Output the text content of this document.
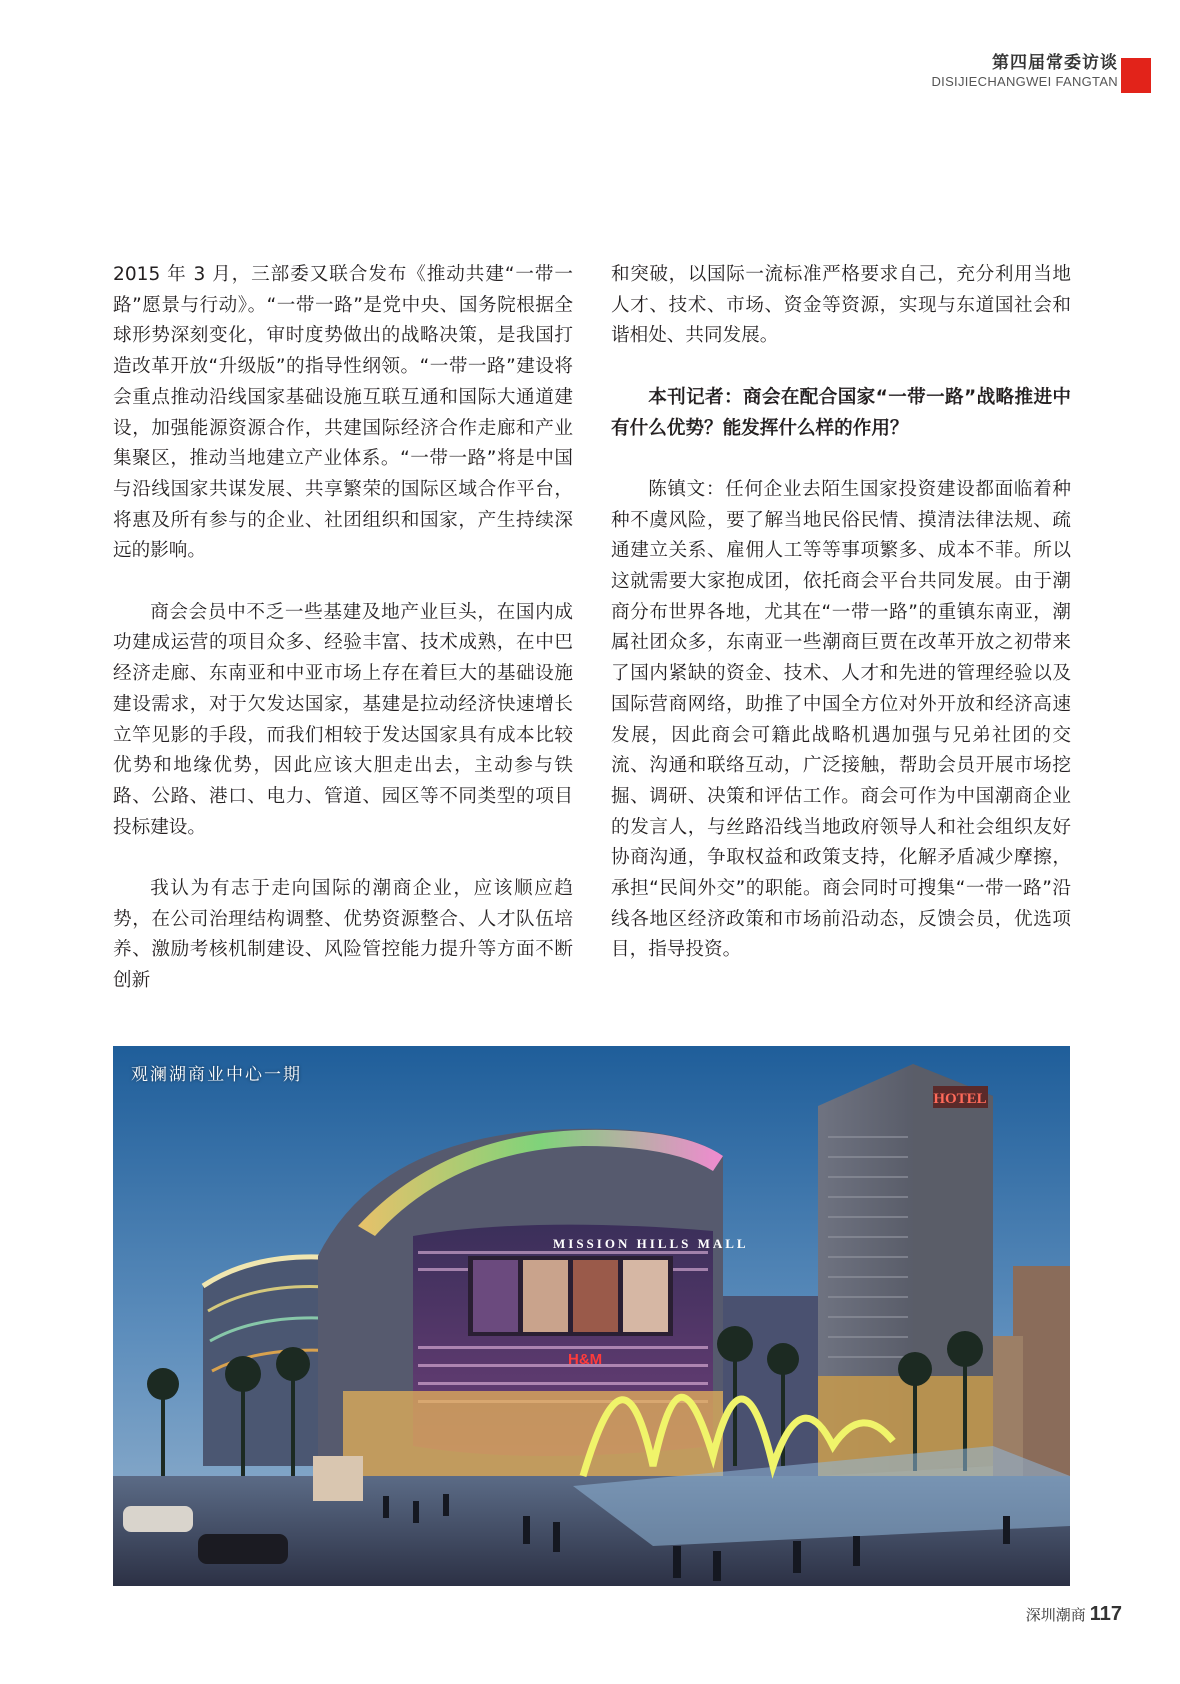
第四届常委访谈
DISIJIECHANGWEI FANGTAN

2015 年 3 月，三部委又联合发布《推动共建“一带一路”愿景与行动》。“一带一路”是党中央、国务院根据全球形势深刻变化，审时度势做出的战略决策，是我国打造改革开放“升级版”的指导性纲领。“一带一路”建设将会重点推动沿线国家基础设施互联互通和国际大通道建设，加强能源资源合作，共建国际经济合作走廊和产业集聚区，推动当地建立产业体系。“一带一路”将是中国与沿线国家共谋发展、共享繁荣的国际区域合作平台，将惠及所有参与的企业、社团组织和国家，产生持续深远的影响。

商会会员中不乏一些基建及地产业巨头，在国内成功建成运营的项目众多、经验丰富、技术成熟，在中巴经济走廊、东南亚和中亚市场上存在着巨大的基础设施建设需求，对于欠发达国家，基建是拉动经济快速增长立竿见影的手段，而我们相较于发达国家具有成本比较优势和地缘优势，因此应该大胆走出去，主动参与铁路、公路、港口、电力、管道、园区等不同类型的项目投标建设。

我认为有志于走向国际的潮商企业，应该顺应趋势，在公司治理结构调整、优势资源整合、人才队伍培养、激励考核机制建设、风险管控能力提升等方面不断创新

和突破，以国际一流标准严格要求自己，充分利用当地人才、技术、市场、资金等资源，实现与东道国社会和谐相处、共同发展。

本刊记者：商会在配合国家“一带一路”战略推进中有什么优势？能发挥什么样的作用？

陈镇文：任何企业去陌生国家投资建设都面临着种种不虞风险，要了解当地民俗民情、摸清法律法规、疏通建立关系、雇佣人工等等事项繁多、成本不菲。所以这就需要大家抱成团，依托商会平台共同发展。由于潮商分布世界各地，尤其在“一带一路”的重镇东南亚，潮属社团众多，东南亚一些潮商巨贾在改革开放之初带来了国内紧缺的资金、技术、人才和先进的管理经验以及国际营商网络，助推了中国全方位对外开放和经济高速发展，因此商会可籍此战略机遇加强与兄弟社团的交流、沟通和联络互动，广泛接触，帮助会员开展市场挖掘、调研、决策和评估工作。商会可作为中国潮商企业的发言人，与丝路沿线当地政府领导人和社会组织友好协商沟通，争取权益和政策支持，化解矛盾减少摩擦，承担“民间外交”的职能。商会同时可搜集“一带一路”沿线各地区经济政策和市场前沿动态，反馈会员，优选项目，指导投资。

HOTEL
MISSION HILLS MALL
H&M
观澜湖商业中心一期
深圳潮商 117
